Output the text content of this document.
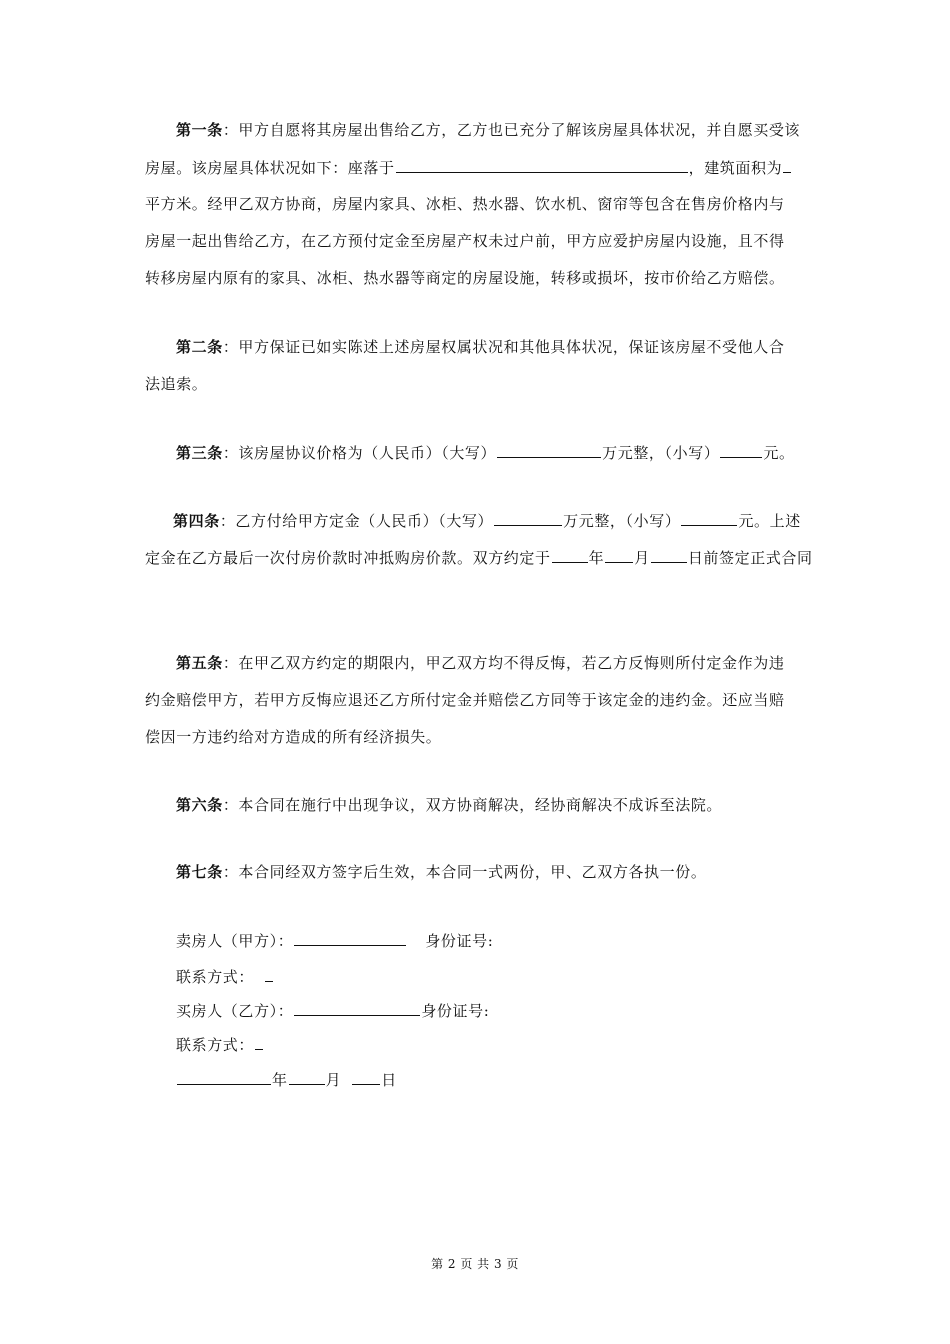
第一条：甲方自愿将其房屋出售给乙方，乙方也已充分了解该房屋具体状况，并自愿买受该
房屋。该房屋具体状况如下：座落于	，建筑面积为
平方米。经甲乙双方协商，房屋内家具、冰柜、热水器、饮水机、窗帘等包含在售房价格内与
房屋一起出售给乙方，在乙方预付定金至房屋产权未过户前，甲方应爱护房屋内设施，且不得
转移房屋内原有的家具、冰柜、热水器等商定的房屋设施，转移或损坏，按市价给乙方赔偿。
第二条：甲方保证已如实陈述上述房屋权属状况和其他具体状况，保证该房屋不受他人合
法追索。
第三条：该房屋协议价格为（人民币）（大写）	万元整，（小写）	元。
第四条：乙方付给甲方定金（人民币）（大写）	万元整，（小写）	元。上述
定金在乙方最后一次付房价款时冲抵购房价款。双方约定于	年 月	日前签定正式合同
第五条：在甲乙双方约定的期限内，甲乙双方均不得反悔，若乙方反悔则所付定金作为违
约金赔偿甲方，若甲方反悔应退还乙方所付定金并赔偿乙方同等于该定金的违约金。还应当赔
偿因一方违约给对方造成的所有经济损失。
第六条：本合同在施行中出现争议，双方协商解决，经协商解决不成诉至法院。
第七条：本合同经双方签字后生效，本合同一式两份，甲、乙双方各执一份。
卖房人（甲方）：	身份证号:
联系方式：
买房人（乙方）：	身份证号:
联系方式：
年	月	日
第 2 页 共 3 页
